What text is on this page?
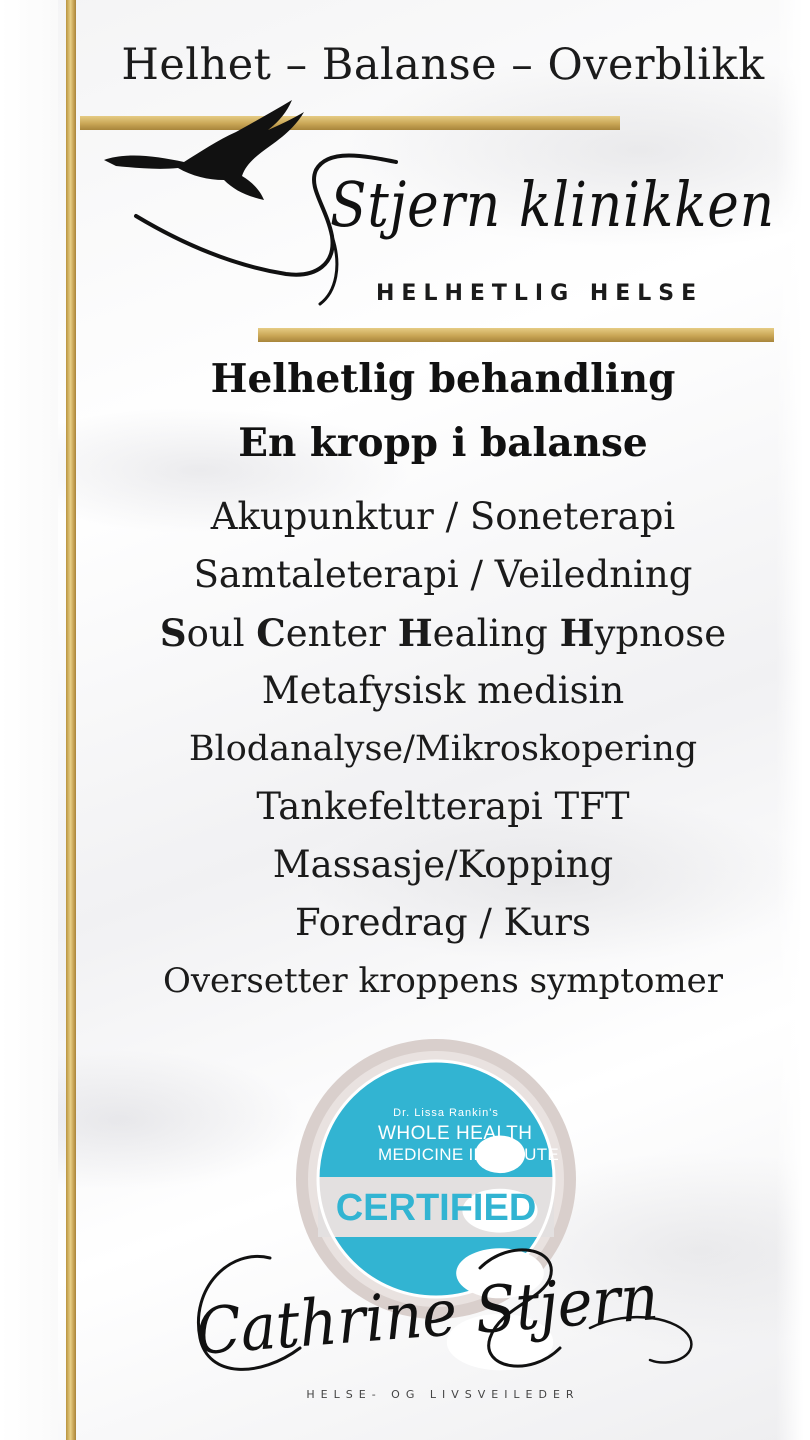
Helhet – Balanse – Overblikk
Stjern klinikken
HELHETLIG HELSE
Helhetlig behandling
En kropp i balanse
Akupunktur / Soneterapi
Samtaleterapi / Veiledning
Soul Center Healing Hypnose
Metafysisk medisin
Blodanalyse/Mikroskopering
Tankefeltterapi TFT
Massasje/Kopping
Foredrag / Kurs
Oversetter kroppens symptomer
Dr. Lissa Rankin's
WHOLE HEALTH
MEDICINE INSTITUTE
CERTIFIED
Cathrine Stjern
HELSE- OG LIVSVEILEDER
